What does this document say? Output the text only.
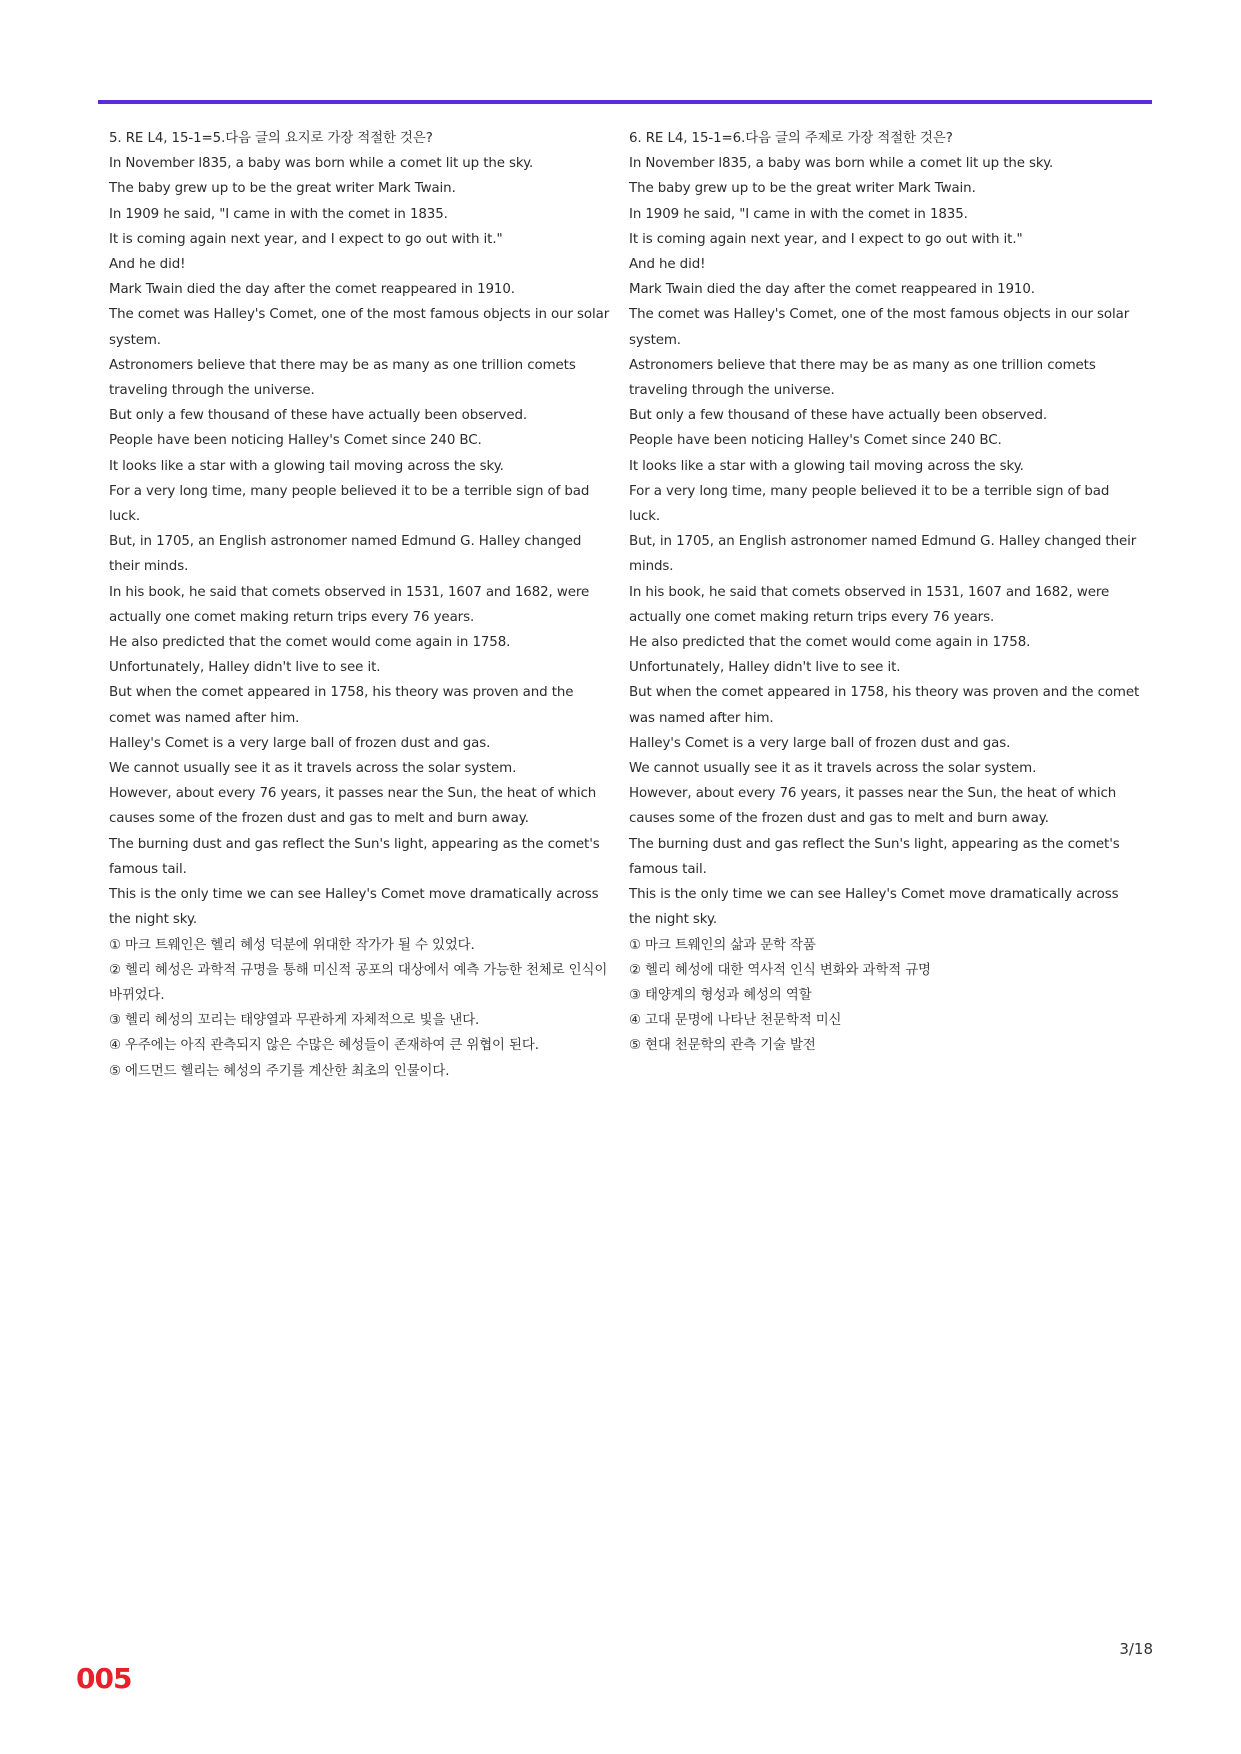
5. RE L4, 15-1=5.다음 글의 요지로 가장 적절한 것은?
In November l835, a baby was born while a comet lit up the sky.
The baby grew up to be the great writer Mark Twain.
In 1909 he said, "I came in with the comet in 1835.
It is coming again next year, and I expect to go out with it."
And he did!
Mark Twain died the day after the comet reappeared in 1910.
The comet was Halley's Comet, one of the most famous objects in our solar system.
Astronomers believe that there may be as many as one trillion comets traveling through the universe.
But only a few thousand of these have actually been observed.
People have been noticing Halley's Comet since 240 BC.
It looks like a star with a glowing tail moving across the sky.
For a very long time, many people believed it to be a terrible sign of bad luck.
But, in 1705, an English astronomer named Edmund G. Halley changed their minds.
In his book, he said that comets observed in 1531, 1607 and 1682, were actually one comet making return trips every 76 years.
He also predicted that the comet would come again in 1758.
Unfortunately, Halley didn't live to see it.
But when the comet appeared in 1758, his theory was proven and the comet was named after him.
Halley's Comet is a very large ball of frozen dust and gas.
We cannot usually see it as it travels across the solar system.
However, about every 76 years, it passes near the Sun, the heat of which causes some of the frozen dust and gas to melt and burn away.
The burning dust and gas reflect the Sun's light, appearing as the comet's famous tail.
This is the only time we can see Halley's Comet move dramatically across the night sky.
① 마크 트웨인은 헬리 혜성 덕분에 위대한 작가가 될 수 있었다.
② 헬리 혜성은 과학적 규명을 통해 미신적 공포의 대상에서 예측 가능한 천체로 인식이 바뀌었다.
③ 헬리 혜성의 꼬리는 태양열과 무관하게 자체적으로 빛을 낸다.
④ 우주에는 아직 관측되지 않은 수많은 혜성들이 존재하여 큰 위협이 된다.
⑤ 에드먼드 헬리는 혜성의 주기를 계산한 최초의 인물이다.
6. RE L4, 15-1=6.다음 글의 주제로 가장 적절한 것은?
In November l835, a baby was born while a comet lit up the sky.
The baby grew up to be the great writer Mark Twain.
In 1909 he said, "I came in with the comet in 1835.
It is coming again next year, and I expect to go out with it."
And he did!
Mark Twain died the day after the comet reappeared in 1910.
The comet was Halley's Comet, one of the most famous objects in our solar system.
Astronomers believe that there may be as many as one trillion comets traveling through the universe.
But only a few thousand of these have actually been observed.
People have been noticing Halley's Comet since 240 BC.
It looks like a star with a glowing tail moving across the sky.
For a very long time, many people believed it to be a terrible sign of bad luck.
But, in 1705, an English astronomer named Edmund G. Halley changed their minds.
In his book, he said that comets observed in 1531, 1607 and 1682, were actually one comet making return trips every 76 years.
He also predicted that the comet would come again in 1758.
Unfortunately, Halley didn't live to see it.
But when the comet appeared in 1758, his theory was proven and the comet was named after him.
Halley's Comet is a very large ball of frozen dust and gas.
We cannot usually see it as it travels across the solar system.
However, about every 76 years, it passes near the Sun, the heat of which causes some of the frozen dust and gas to melt and burn away.
The burning dust and gas reflect the Sun's light, appearing as the comet's famous tail.
This is the only time we can see Halley's Comet move dramatically across the night sky.
① 마크 트웨인의 삶과 문학 작품
② 헬리 혜성에 대한 역사적 인식 변화와 과학적 규명
③ 태양계의 형성과 혜성의 역할
④ 고대 문명에 나타난 천문학적 미신
⑤ 현대 천문학의 관측 기술 발전
3/18
005
